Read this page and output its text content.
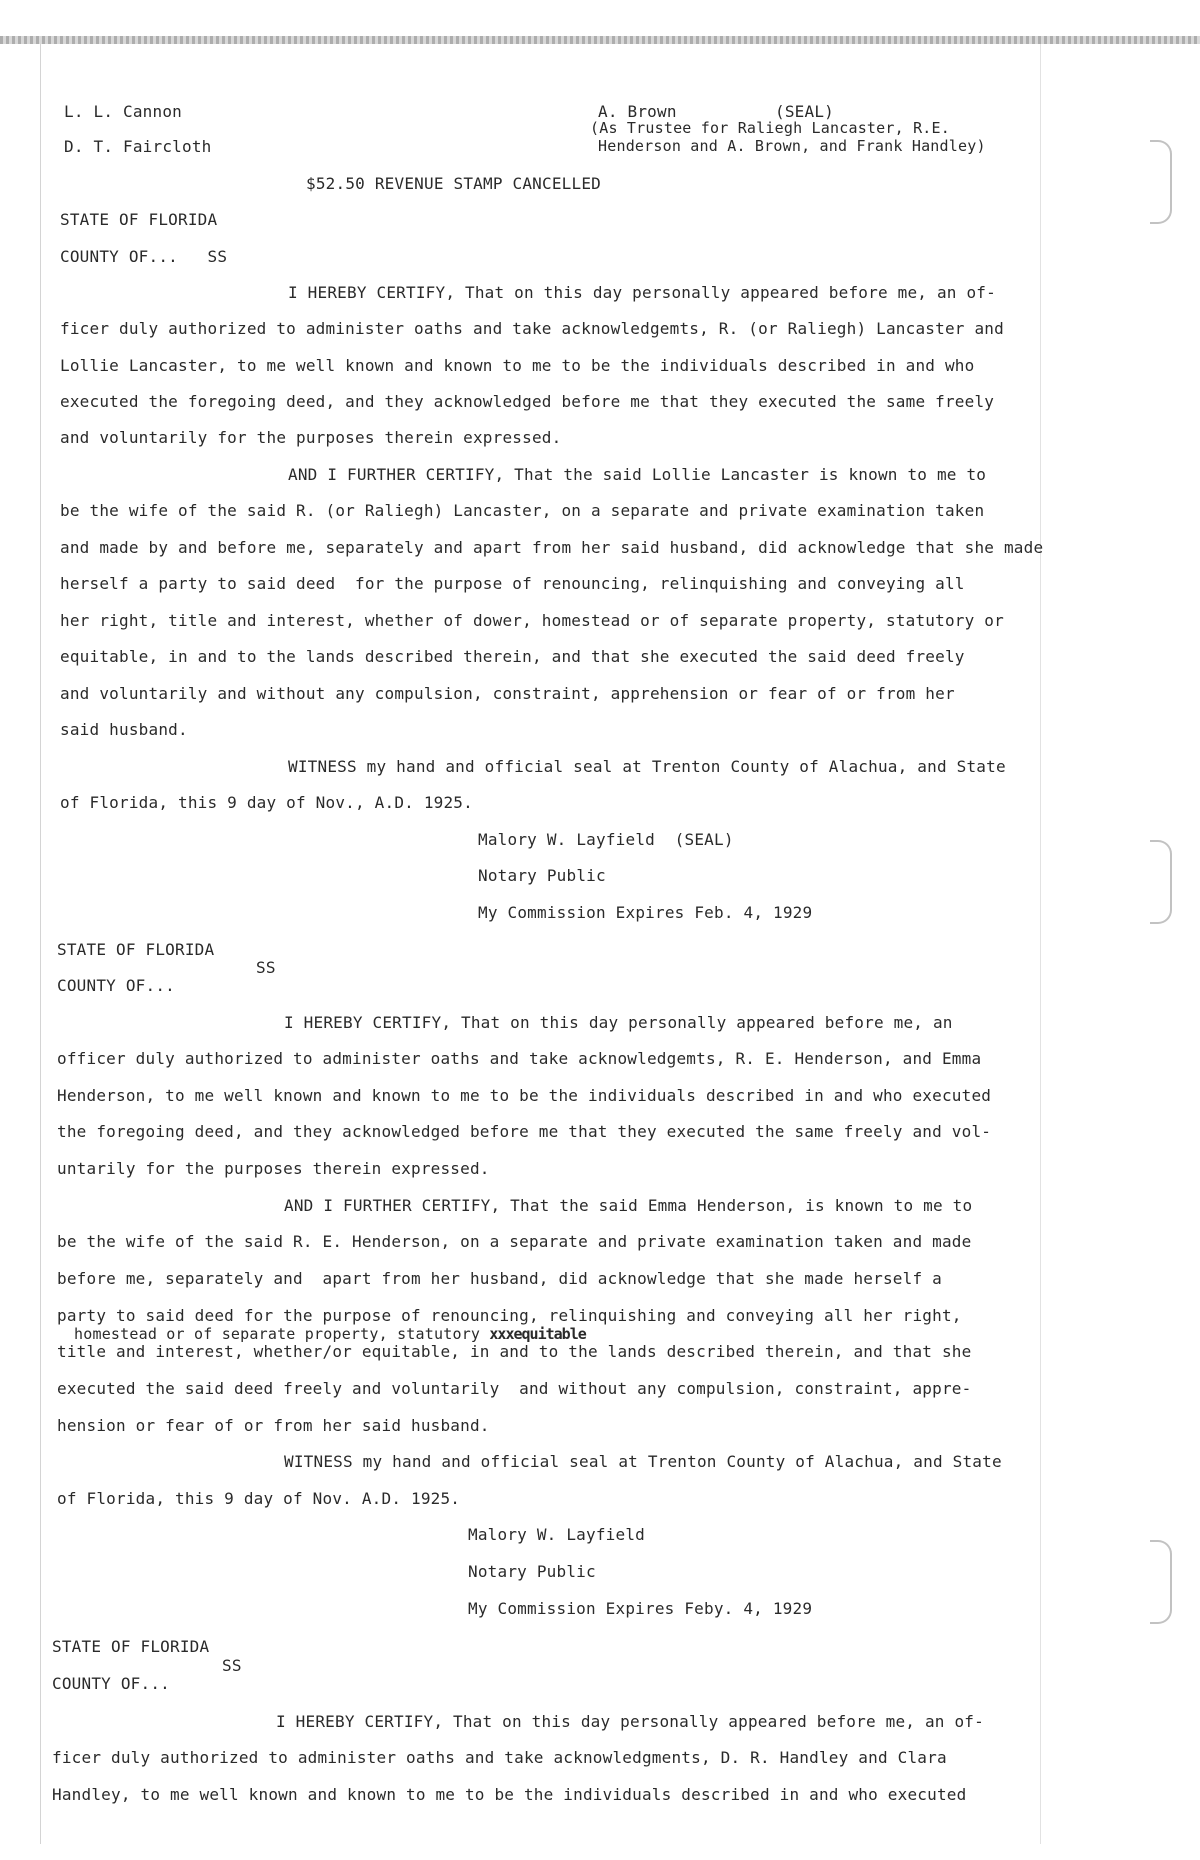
L. L. Cannon
D. T. Faircloth
A. Brown          (SEAL)
(As Trustee for Raliegh Lancaster, R.E.
Henderson and A. Brown, and Frank Handley)
$52.50 REVENUE STAMP CANCELLED
STATE OF FLORIDA
COUNTY OF...   SS
I HEREBY CERTIFY, That on this day personally appeared before me, an of-
ficer duly authorized to administer oaths and take acknowledgemts, R. (or Raliegh) Lancaster and
Lollie Lancaster, to me well known and known to me to be the individuals described in and who
executed the foregoing deed, and they acknowledged before me that they executed the same freely
and voluntarily for the purposes therein expressed.
AND I FURTHER CERTIFY, That the said Lollie Lancaster is known to me to
be the wife of the said R. (or Raliegh) Lancaster, on a separate and private examination taken
and made by and before me, separately and apart from her said husband, did acknowledge that she made
herself a party to said deed  for the purpose of renouncing, relinquishing and conveying all
her right, title and interest, whether of dower, homestead or of separate property, statutory or
equitable, in and to the lands described therein, and that she executed the said deed freely
and voluntarily and without any compulsion, constraint, apprehension or fear of or from her
said husband.
WITNESS my hand and official seal at Trenton County of Alachua, and State
of Florida, this 9 day of Nov., A.D. 1925.
Malory W. Layfield  (SEAL)
Notary Public
My Commission Expires Feb. 4, 1929
STATE OF FLORIDA
SS
COUNTY OF...
I HEREBY CERTIFY, That on this day personally appeared before me, an
officer duly authorized to administer oaths and take acknowledgemts, R. E. Henderson, and Emma
Henderson, to me well known and known to me to be the individuals described in and who executed
the foregoing deed, and they acknowledged before me that they executed the same freely and vol-
untarily for the purposes therein expressed.
AND I FURTHER CERTIFY, That the said Emma Henderson, is known to me to
be the wife of the said R. E. Henderson, on a separate and private examination taken and made
before me, separately and  apart from her husband, did acknowledge that she made herself a
party to said deed for the purpose of renouncing, relinquishing and conveying all her right,
homestead or of separate property, statutory xxxequitable
title and interest, whether/or equitable, in and to the lands described therein, and that she
executed the said deed freely and voluntarily  and without any compulsion, constraint, appre-
hension or fear of or from her said husband.
WITNESS my hand and official seal at Trenton County of Alachua, and State
of Florida, this 9 day of Nov. A.D. 1925.
Malory W. Layfield
Notary Public
My Commission Expires Feby. 4, 1929
STATE OF FLORIDA
SS
COUNTY OF...
I HEREBY CERTIFY, That on this day personally appeared before me, an of-
ficer duly authorized to administer oaths and take acknowledgments, D. R. Handley and Clara
Handley, to me well known and known to me to be the individuals described in and who executed
